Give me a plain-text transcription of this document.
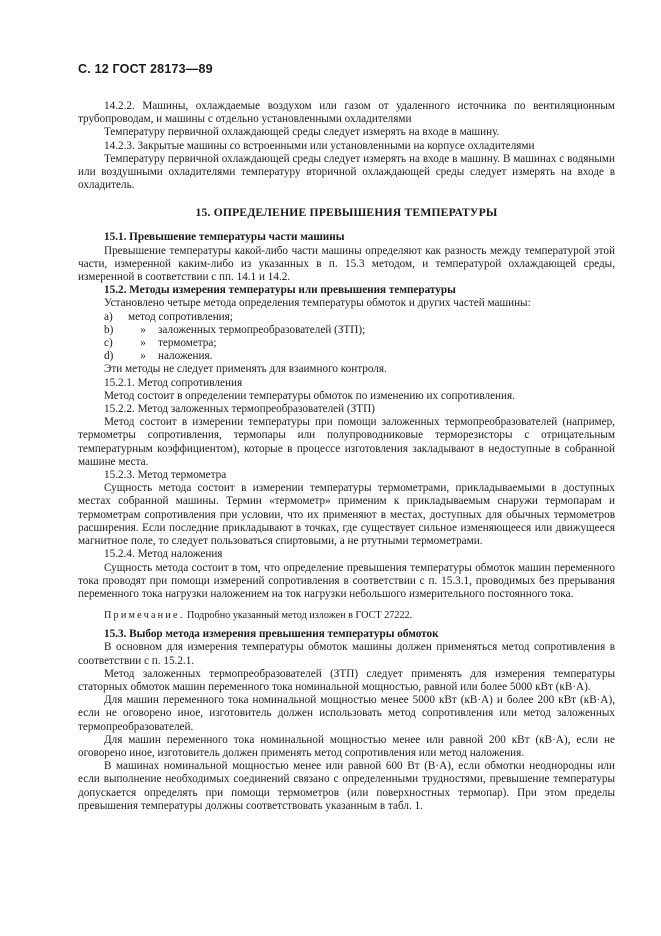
С. 12 ГОСТ 28173—89

14.2.2. Машины, охлаждаемые воздухом или газом от удаленного источника по вентиляционным трубопроводам, и машины с отдельно установленными охладителями

Температуру первичной охлаждающей среды следует измерять на входе в машину.

14.2.3. Закрытые машины со встроенными или установленными на корпусе охладителями

Температуру первичной охлаждающей среды следует измерять на входе в машину. В машинах с водяными или воздушными охладителями температуру вторичной охлаждающей среды следует измерять на входе в охладитель.

15. ОПРЕДЕЛЕНИЕ ПРЕВЫШЕНИЯ ТЕМПЕРАТУРЫ

15.1. Превышение температуры части машины

Превышение температуры какой-либо части машины определяют как разность между температурой этой части, измеренной каким-либо из указанных в п. 15.3 методом, и температурой охлаждающей среды, измеренной в соответствии с пп. 14.1 и 14.2.

15.2. Методы измерения температуры или превышения температуры

Установлено четыре метода определения температуры обмоток и других частей машины:

a)	метод сопротивления;
b)	»	заложенных термопреобразователей (ЗТП);
c)	»	термометра;
d)	»	наложения.

Эти методы не следует применять для взаимного контроля.

15.2.1. Метод сопротивления

Метод состоит в определении температуры обмоток по изменению их сопротивления.

15.2.2. Метод заложенных термопреобразователей (ЗТП)

Метод состоит в измерении температуры при помощи заложенных термопреобразователей (например, термометры сопротивления, термопары или полупроводниковые терморезисторы с отрицательным температурным коэффициентом), которые в процессе изготовления закладывают в недоступные в собранной машине места.

15.2.3. Метод термометра

Сущность метода состоит в измерении температуры термометрами, прикладываемыми в доступных местах собранной машины. Термин «термометр» применим к прикладываемым снаружи термопарам и термометрам сопротивления при условии, что их применяют в местах, доступных для обычных термометров расширения. Если последние прикладывают в точках, где существует сильное изменяющееся или движущееся магнитное поле, то следует пользоваться спиртовыми, а не ртутными термометрами.

15.2.4. Метод наложения

Сущность метода состоит в том, что определение превышения температуры обмоток машин переменного тока проводят при помощи измерений сопротивления в соответствии с п. 15.3.1, проводимых без прерывания переменного тока нагрузки наложением на ток нагрузки небольшого измерительного постоянного тока.

Примечание. Подробно указанный метод изложен в ГОСТ 27222.

15.3. Выбор метода измерения превышения температуры обмоток

В основном для измерения температуры обмоток машины должен применяться метод сопротивления в соответствии с п. 15.2.1.

Метод заложенных термопреобразователей (ЗТП) следует применять для измерения температуры статорных обмоток машин переменного тока номинальной мощностью, равной или более 5000 кВт (кВ·А).

Для машин переменного тока номинальной мощностью менее 5000 кВт (кВ·А) и более 200 кВт (кВ·А), если не оговорено иное, изготовитель должен использовать метод сопротивления или метод заложенных термопреобразователей.

Для машин переменного тока номинальной мощностью менее или равной 200 кВт (кВ·А), если не оговорено иное, изготовитель должен применять метод сопротивления или метод наложения.

В машинах номинальной мощностью менее или равной 600 Вт (В·А), если обмотки неоднородны или если выполнение необходимых соединений связано с определенными трудностями, превышение температуры допускается определять при помощи термометров (или поверхностных термопар). При этом пределы превышения температуры должны соответствовать указанным в табл. 1.
